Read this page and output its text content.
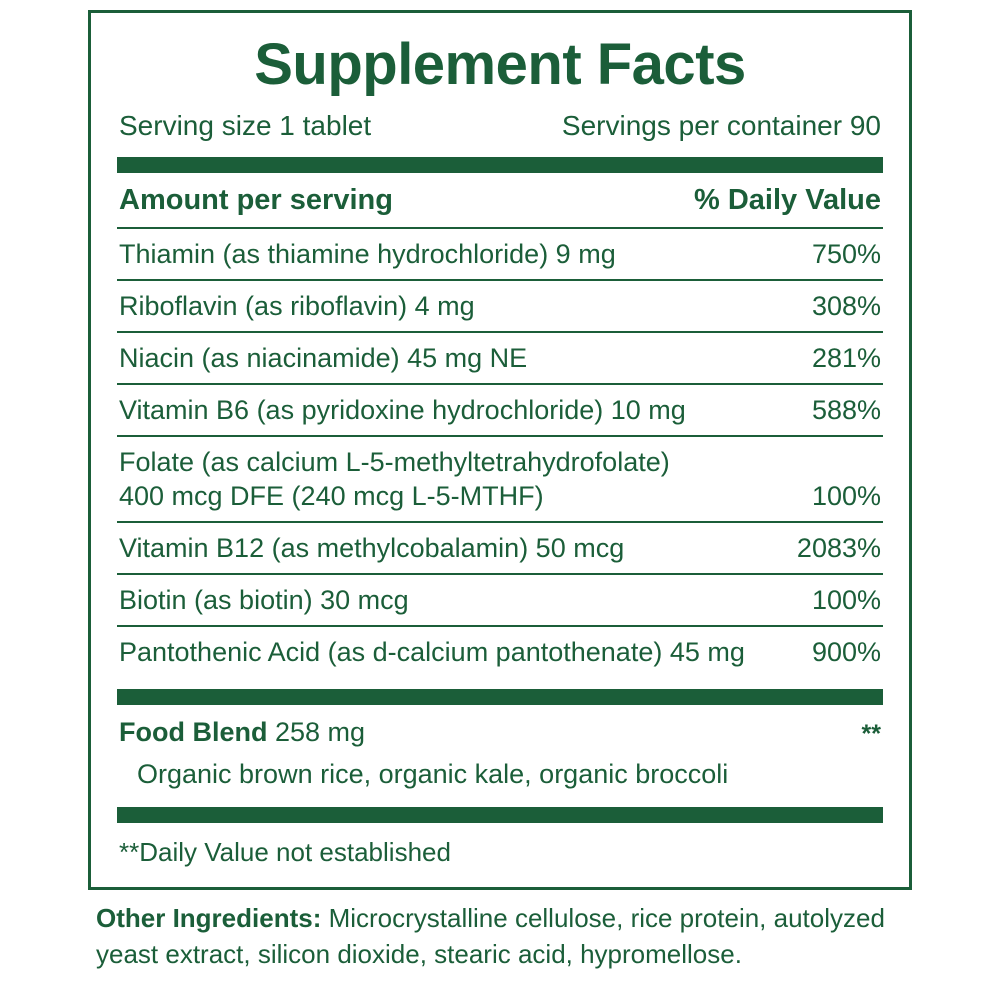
Supplement Facts
Serving size 1 tablet	Servings per container 90
Amount per serving	% Daily Value
Thiamin (as thiamine hydrochloride) 9 mg	750%
Riboflavin (as riboflavin) 4 mg	308%
Niacin (as niacinamide) 45 mg NE	281%
Vitamin B6 (as pyridoxine hydrochloride) 10 mg	588%
Folate (as calcium L-5-methyltetrahydrofolate)
400 mcg DFE (240 mcg L-5-MTHF)	100%
Vitamin B12 (as methylcobalamin) 50 mcg	2083%
Biotin (as biotin) 30 mcg	100%
Pantothenic Acid (as d-calcium pantothenate) 45 mg	900%
Food Blend 258 mg	**
Organic brown rice, organic kale, organic broccoli
**Daily Value not established
Other Ingredients: Microcrystalline cellulose, rice protein, autolyzed yeast extract, silicon dioxide, stearic acid, hypromellose.
